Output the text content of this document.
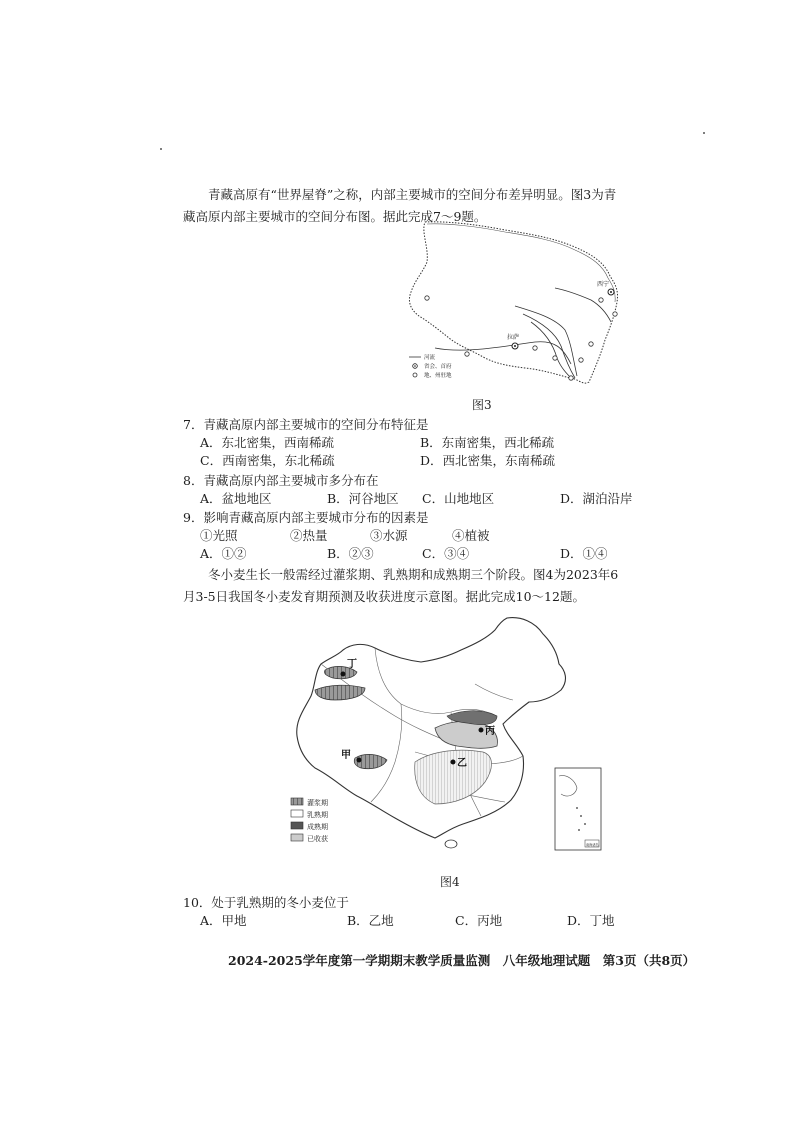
青藏高原有“世界屋脊”之称，内部主要城市的空间分布差异明显。图3为青藏高原内部主要城市的空间分布图。据此完成7～9题。
西宁
拉萨
河流
省会、首府
地、州驻地
图3
7．青藏高原内部主要城市的空间分布特征是
A．东北密集，西南稀疏	B．东南密集，西北稀疏
C．西南密集，东北稀疏	D．西北密集，东南稀疏
8．青藏高原内部主要城市多分布在
A．盆地地区	B．河谷地区 C．山地地区	D．湖泊沿岸
9．影响青藏高原内部主要城市分布的因素是
①光照	②热量	③水源	④植被
A．①②	B．②③	C．③④	D．①④
冬小麦生长一般需经过灌浆期、乳熟期和成熟期三个阶段。图4为2023年6月3-5日我国冬小麦发育期预测及收获进度示意图。据此完成10～12题。
丁
甲
丙
乙
灌浆期
乳熟期
成熟期
已收获
南海诸岛
图4
10．处于乳熟期的冬小麦位于
A．甲地	B．乙地	C．丙地	D．丁地
2024-2025学年度第一学期期末教学质量监测　八年级地理试题　第3页（共8页）
